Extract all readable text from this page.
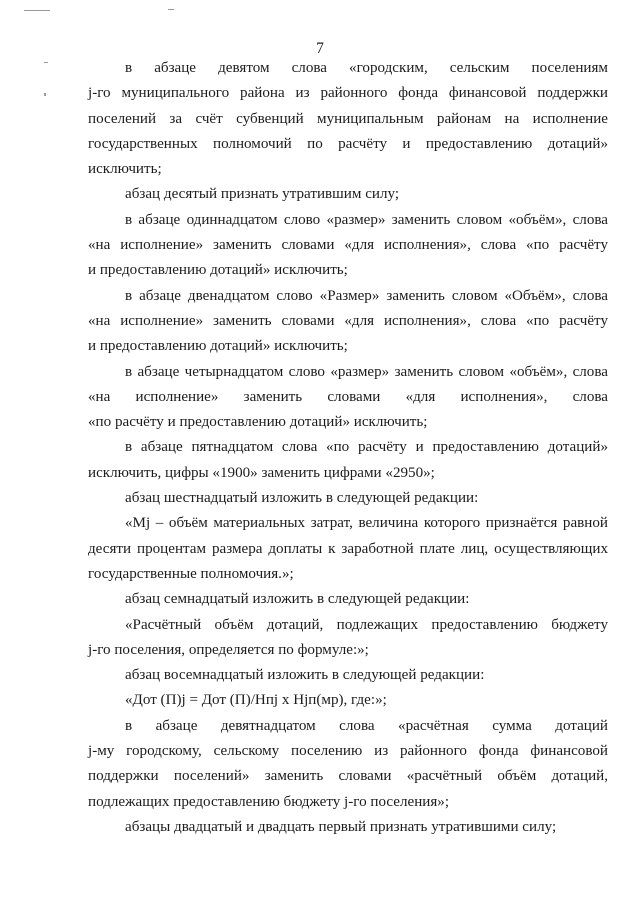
7
в абзаце девятом слова «городским, сельским поселениям
j-го муниципального района из районного фонда финансовой поддержки
поселений за счёт субвенций муниципальным районам на исполнение
государственных полномочий по расчёту и предоставлению дотаций»
исключить;
абзац десятый признать утратившим силу;
в абзаце одиннадцатом слово «размер» заменить словом «объём», слова
«на исполнение» заменить словами «для исполнения», слова «по расчёту
и предоставлению дотаций» исключить;
в абзаце двенадцатом слово «Размер» заменить словом «Объём», слова
«на исполнение» заменить словами «для исполнения», слова «по расчёту
и предоставлению дотаций» исключить;
в абзаце четырнадцатом слово «размер» заменить словом «объём», слова
«на исполнение» заменить словами «для исполнения», слова
«по расчёту и предоставлению дотаций» исключить;
в абзаце пятнадцатом слова «по расчёту и предоставлению дотаций»
исключить, цифры «1900» заменить цифрами «2950»;
абзац шестнадцатый изложить в следующей редакции:
«Мj – объём материальных затрат, величина которого признаётся равной
десяти процентам размера доплаты к заработной плате лиц, осуществляющих
государственные полномочия.»;
абзац семнадцатый изложить в следующей редакции:
«Расчётный объём дотаций, подлежащих предоставлению бюджету
j-го поселения, определяется по формуле:»;
абзац восемнадцатый изложить в следующей редакции:
«Дот (П)j = Дот (П)/Нпj х Hjп(мр), где:»;
в абзаце девятнадцатом слова «расчётная сумма дотаций
j-му городскому, сельскому поселению из районного фонда финансовой
поддержки поселений» заменить словами «расчётный объём дотаций,
подлежащих предоставлению бюджету j-го поселения»;
абзацы двадцатый и двадцать первый признать утратившими силу;
